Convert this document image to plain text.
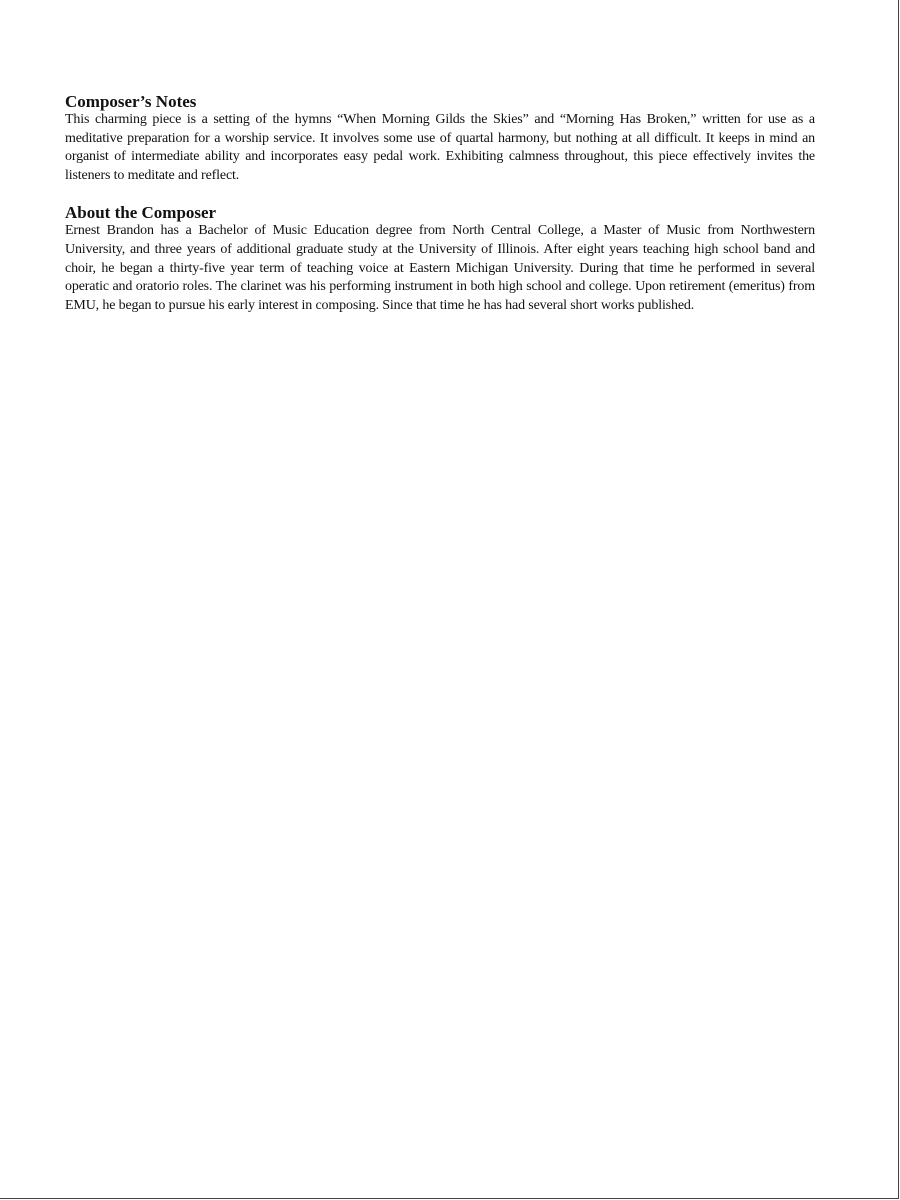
Composer’s Notes

This charming piece is a setting of the hymns “When Morning Gilds the Skies” and “Morning Has Broken,” written for use as a meditative preparation for a worship service. It involves some use of quartal harmony, but nothing at all difficult. It keeps in mind an organist of intermediate ability and incorporates easy pedal work. Exhibiting calmness throughout, this piece effectively invites the listeners to meditate and reflect.

About the Composer

Ernest Brandon has a Bachelor of Music Education degree from North Central College, a Master of Music from Northwestern University, and three years of additional graduate study at the University of Illinois. After eight years teaching high school band and choir, he began a thirty-five year term of teaching voice at Eastern Michigan University. During that time he performed in several operatic and oratorio roles. The clarinet was his performing instrument in both high school and college. Upon retirement (emeritus) from EMU, he began to pursue his early interest in composing. Since that time he has had several short works published.
